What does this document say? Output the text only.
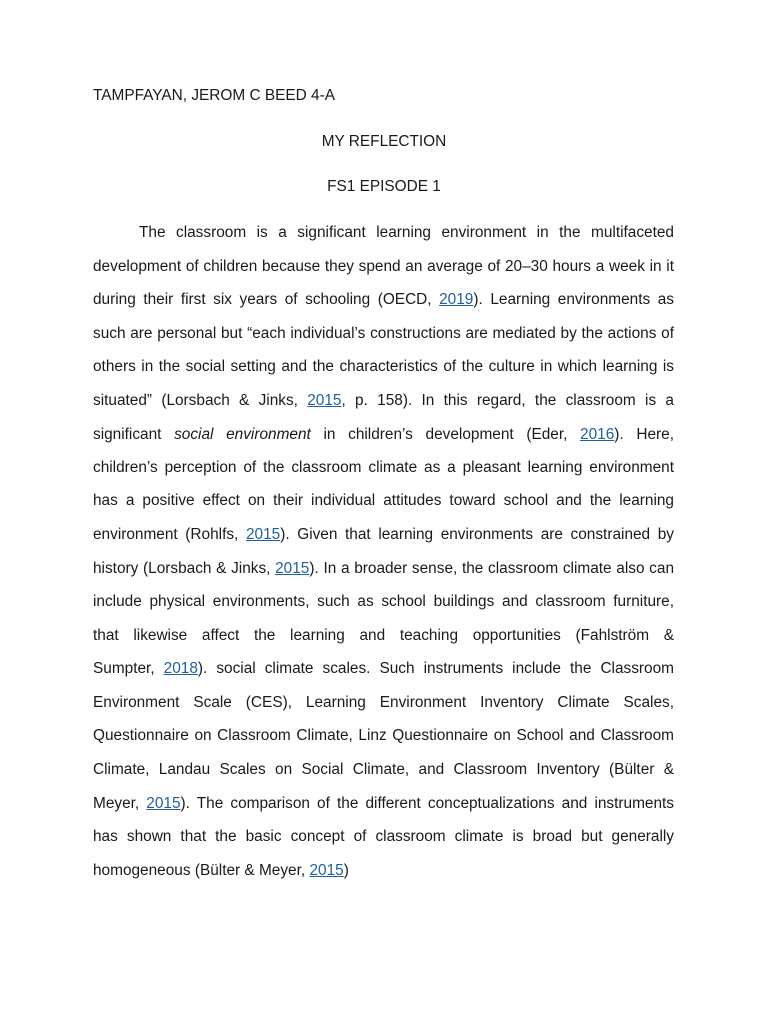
TAMPFAYAN, JEROM C BEED 4-A
MY REFLECTION
FS1 EPISODE 1
The classroom is a significant learning environment in the multifaceted
development of children because they spend an average of 20–30 hours a week in it
during their first six years of schooling (OECD, 2019). Learning environments as
such are personal but “each individual’s constructions are mediated by the actions of
others in the social setting and the characteristics of the culture in which learning is
situated” (Lorsbach & Jinks, 2015, p. 158). In this regard, the classroom is a
significant social environment in children’s development (Eder, 2016). Here,
children’s perception of the classroom climate as a pleasant learning environment
has a positive effect on their individual attitudes toward school and the learning
environment (Rohlfs, 2015). Given that learning environments are constrained by
history (Lorsbach & Jinks, 2015). In a broader sense, the classroom climate also can
include physical environments, such as school buildings and classroom furniture,
that likewise affect the learning and teaching opportunities (Fahlström &
Sumpter, 2018). social climate scales. Such instruments include the Classroom
Environment Scale (CES), Learning Environment Inventory Climate Scales,
Questionnaire on Classroom Climate, Linz Questionnaire on School and Classroom
Climate, Landau Scales on Social Climate, and Classroom Inventory (Bülter &
Meyer, 2015). The comparison of the different conceptualizations and instruments
has shown that the basic concept of classroom climate is broad but generally
homogeneous (Bülter & Meyer, 2015)
